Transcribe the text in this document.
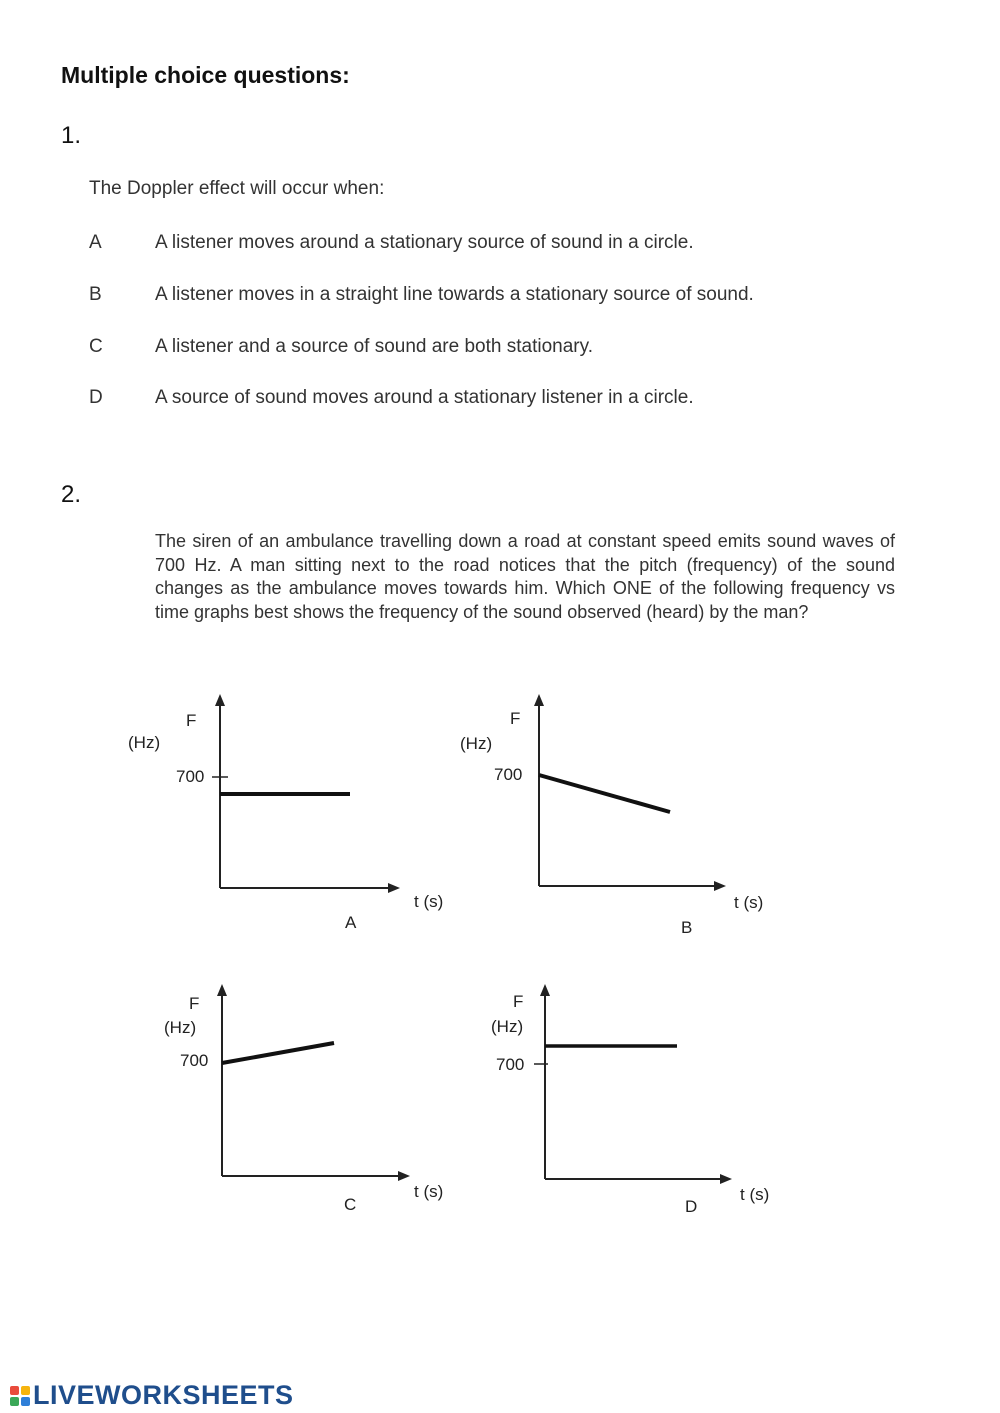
Multiple choice questions:
1.
The Doppler effect will occur when:
A	A listener moves around a stationary source of sound in a circle.
B	A listener moves in a straight line towards a stationary source of sound.
C	A listener and a source of sound are both stationary.
D	A source of sound moves around a stationary listener in a circle.
2.
The siren of an ambulance travelling down a road at constant speed emits sound waves of 700 Hz. A man sitting next to the road notices that the pitch (frequency) of the sound changes as the ambulance moves towards him. Which ONE of the following frequency vs time graphs best shows the frequency of the sound observed (heard) by the man?
F
(Hz)
700
t (s)
A
F
(Hz)
700
t (s)
B
F
(Hz)
700
t (s)
C
F
(Hz)
700
t (s)
D
LIVEWORKSHEETS
